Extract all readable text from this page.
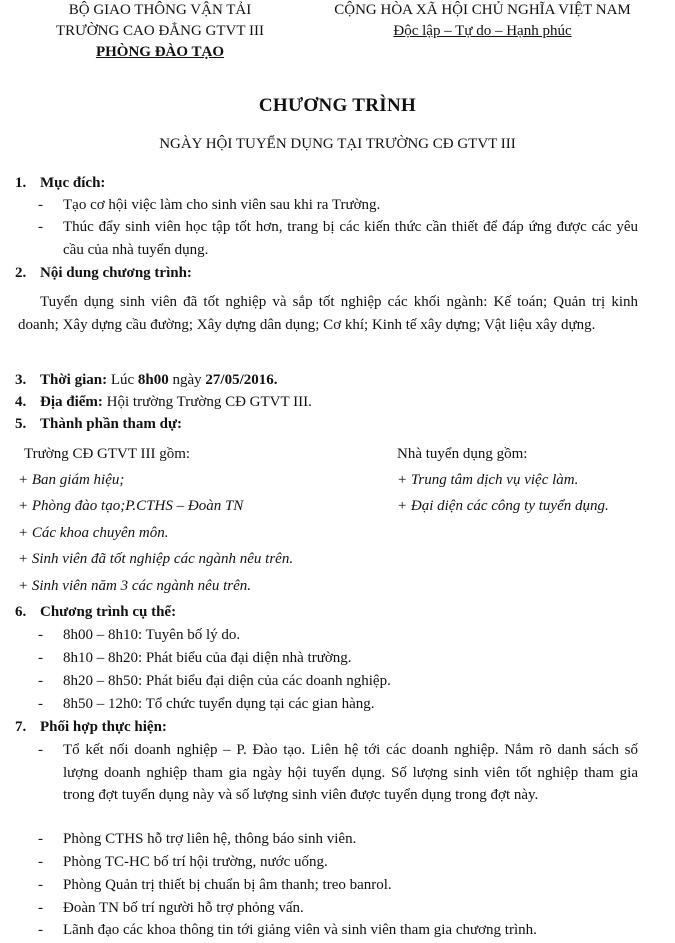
BỘ GIAO THÔNG VẬN TẢI
TRƯỜNG CAO ĐẲNG GTVT III
PHÒNG ĐÀO TẠO
CỘNG HÒA XÃ HỘI CHỦ NGHĨA VIỆT NAM
Độc lập – Tự do – Hạnh phúc
CHƯƠNG TRÌNH
NGÀY HỘI TUYỂN DỤNG TẠI TRƯỜNG CĐ GTVT III
1. Mục đích:
- Tạo cơ hội việc làm cho sinh viên sau khi ra Trường.
- Thúc đẩy sinh viên học tập tốt hơn, trang bị các kiến thức cần thiết để đáp ứng được các yêu cầu của nhà tuyển dụng.
2. Nội dung chương trình:
Tuyển dụng sinh viên đã tốt nghiệp và sắp tốt nghiệp các khối ngành: Kế toán; Quản trị kinh doanh; Xây dựng cầu đường; Xây dựng dân dụng; Cơ khí; Kinh tế xây dựng; Vật liệu xây dựng.
3. Thời gian: Lúc 8h00 ngày 27/05/2016.
4. Địa điểm: Hội trường Trường CĐ GTVT III.
5. Thành phần tham dự:
Trường CĐ GTVT III gồm:
+ Ban giám hiệu;
+ Phòng đào tạo;P.CTHS – Đoàn TN
+ Các khoa chuyên môn.
+ Sinh viên đã tốt nghiệp các ngành nêu trên.
+ Sinh viên năm 3 các ngành nêu trên.
Nhà tuyển dụng gồm:
+ Trung tâm dịch vụ việc làm.
+ Đại diện các công ty tuyển dụng.
6. Chương trình cụ thể:
- 8h00 – 8h10: Tuyên bố lý do.
- 8h10 – 8h20: Phát biểu của đại diện nhà trường.
- 8h20 – 8h50: Phát biểu đại diện của các doanh nghiệp.
- 8h50 – 12h0: Tổ chức tuyển dụng tại các gian hàng.
7. Phối hợp thực hiện:
- Tổ kết nối doanh nghiệp – P. Đào tạo. Liên hệ tới các doanh nghiệp. Nắm rõ danh sách số lượng doanh nghiệp tham gia ngày hội tuyển dụng. Số lượng sinh viên tốt nghiệp tham gia trong đợt tuyển dụng này và số lượng sinh viên được tuyển dụng trong đợt này.
- Phòng CTHS hỗ trợ liên hệ, thông báo sinh viên.
- Phòng TC-HC bố trí hội trường, nước uống.
- Phòng Quản trị thiết bị chuẩn bị âm thanh; treo banrol.
- Đoàn TN bố trí người hỗ trợ phỏng vấn.
- Lãnh đạo các khoa thông tin tới giảng viên và sinh viên tham gia chương trình.
